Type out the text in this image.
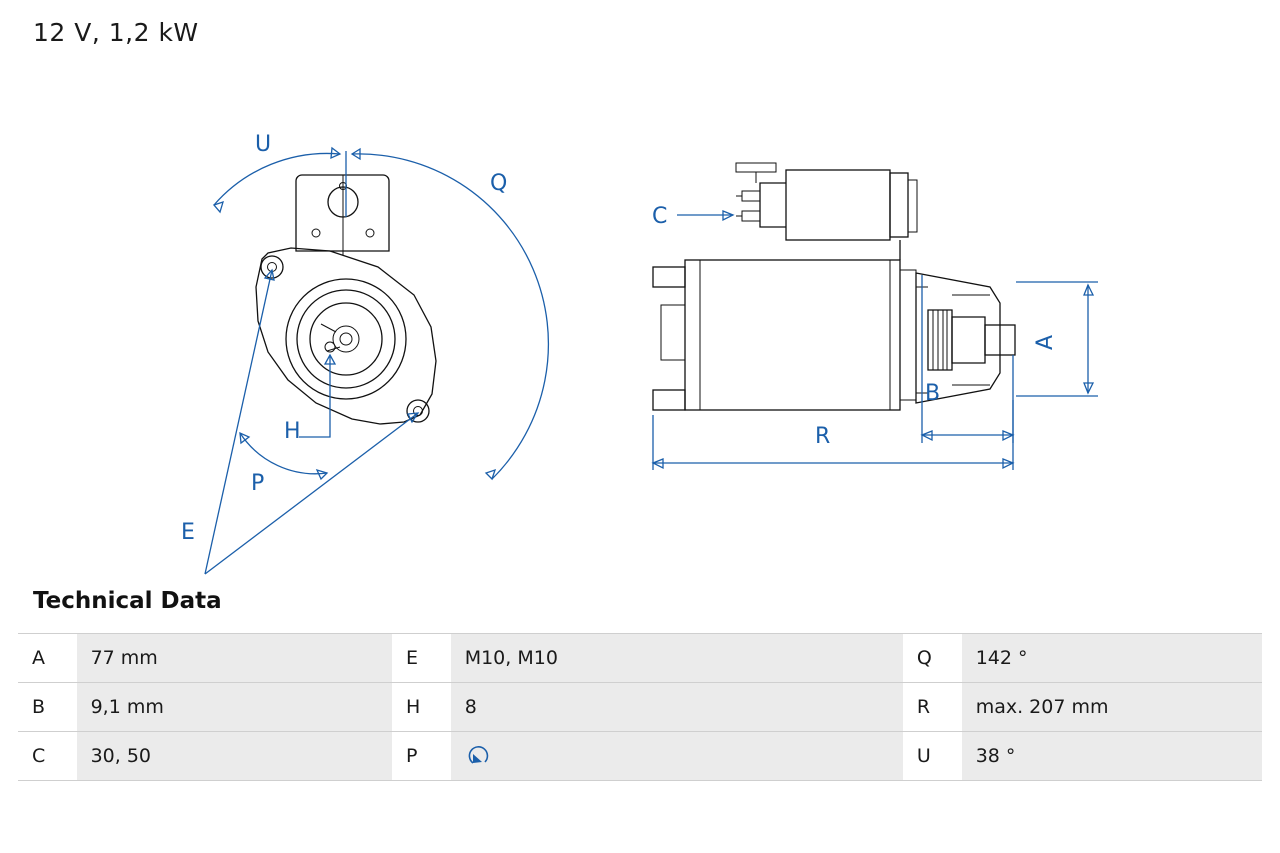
12 V, 1,2 kW
U
Q
H
P
E
C
A
B
R
Technical Data
A	77 mm	E	M10, M10	Q	142 °
B	9,1 mm	H	8	R	max. 207 mm
C	30, 50	P		U	38 °
